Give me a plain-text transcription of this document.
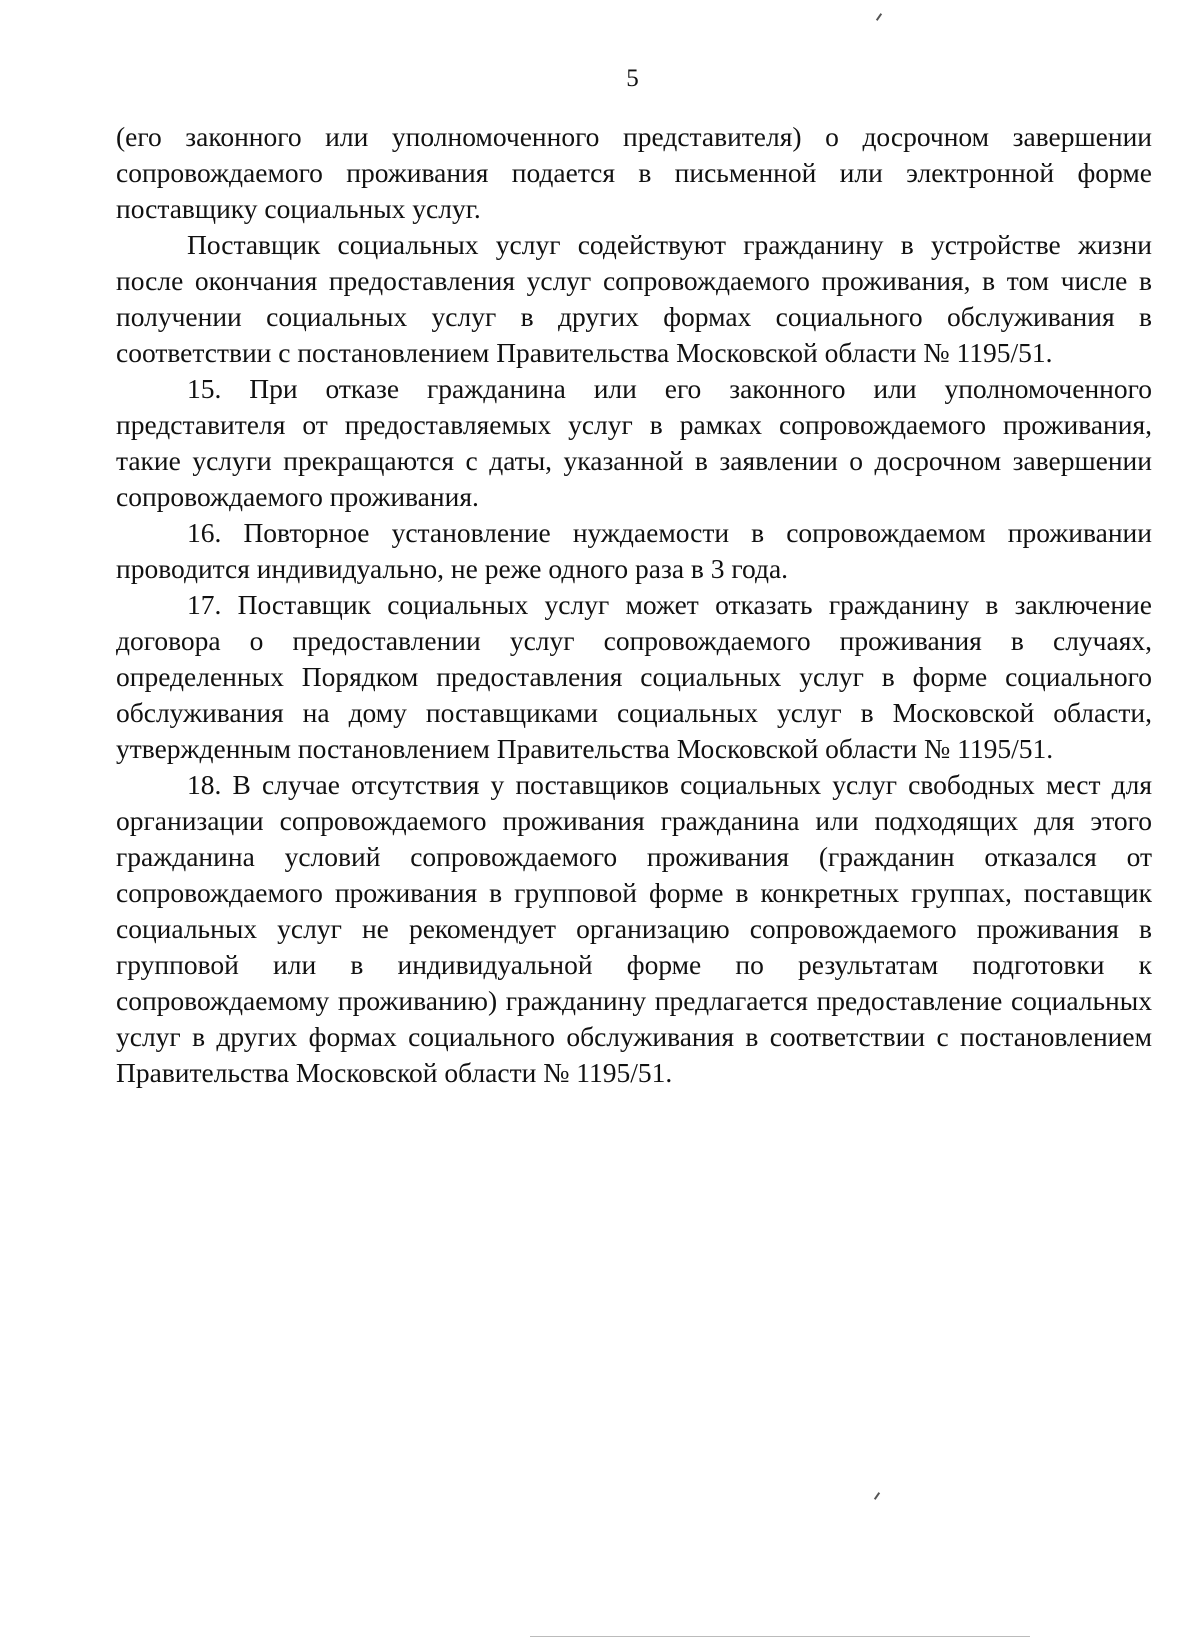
5

(его законного или уполномоченного представителя) о досрочном завершении сопровождаемого проживания подается в письменной или электронной форме поставщику социальных услуг.

Поставщик социальных услуг содействуют гражданину в устройстве жизни после окончания предоставления услуг сопровождаемого проживания, в том числе в получении социальных услуг в других формах социального обслуживания в соответствии с постановлением Правительства Московской области № 1195/51.

15. При отказе гражданина или его законного или уполномоченного представителя от предоставляемых услуг в рамках сопровождаемого проживания, такие услуги прекращаются с даты, указанной в заявлении о досрочном завершении сопровождаемого проживания.

16. Повторное установление нуждаемости в сопровождаемом проживании проводится индивидуально, не реже одного раза в 3 года.

17. Поставщик социальных услуг может отказать гражданину в заключение договора о предоставлении услуг сопровождаемого проживания в случаях, определенных Порядком предоставления социальных услуг в форме социального обслуживания на дому поставщиками социальных услуг в Московской области, утвержденным постановлением Правительства Московской области № 1195/51.

18. В случае отсутствия у поставщиков социальных услуг свободных мест для организации сопровождаемого проживания гражданина или подходящих для этого гражданина условий сопровождаемого проживания (гражданин отказался от сопровождаемого проживания в групповой форме в конкретных группах, поставщик социальных услуг не рекомендует организацию сопровождаемого проживания в групповой или в индивидуальной форме по результатам подготовки к сопровождаемому проживанию) гражданину предлагается предоставление социальных услуг в других формах социального обслуживания в соответствии с постановлением Правительства Московской области № 1195/51.
